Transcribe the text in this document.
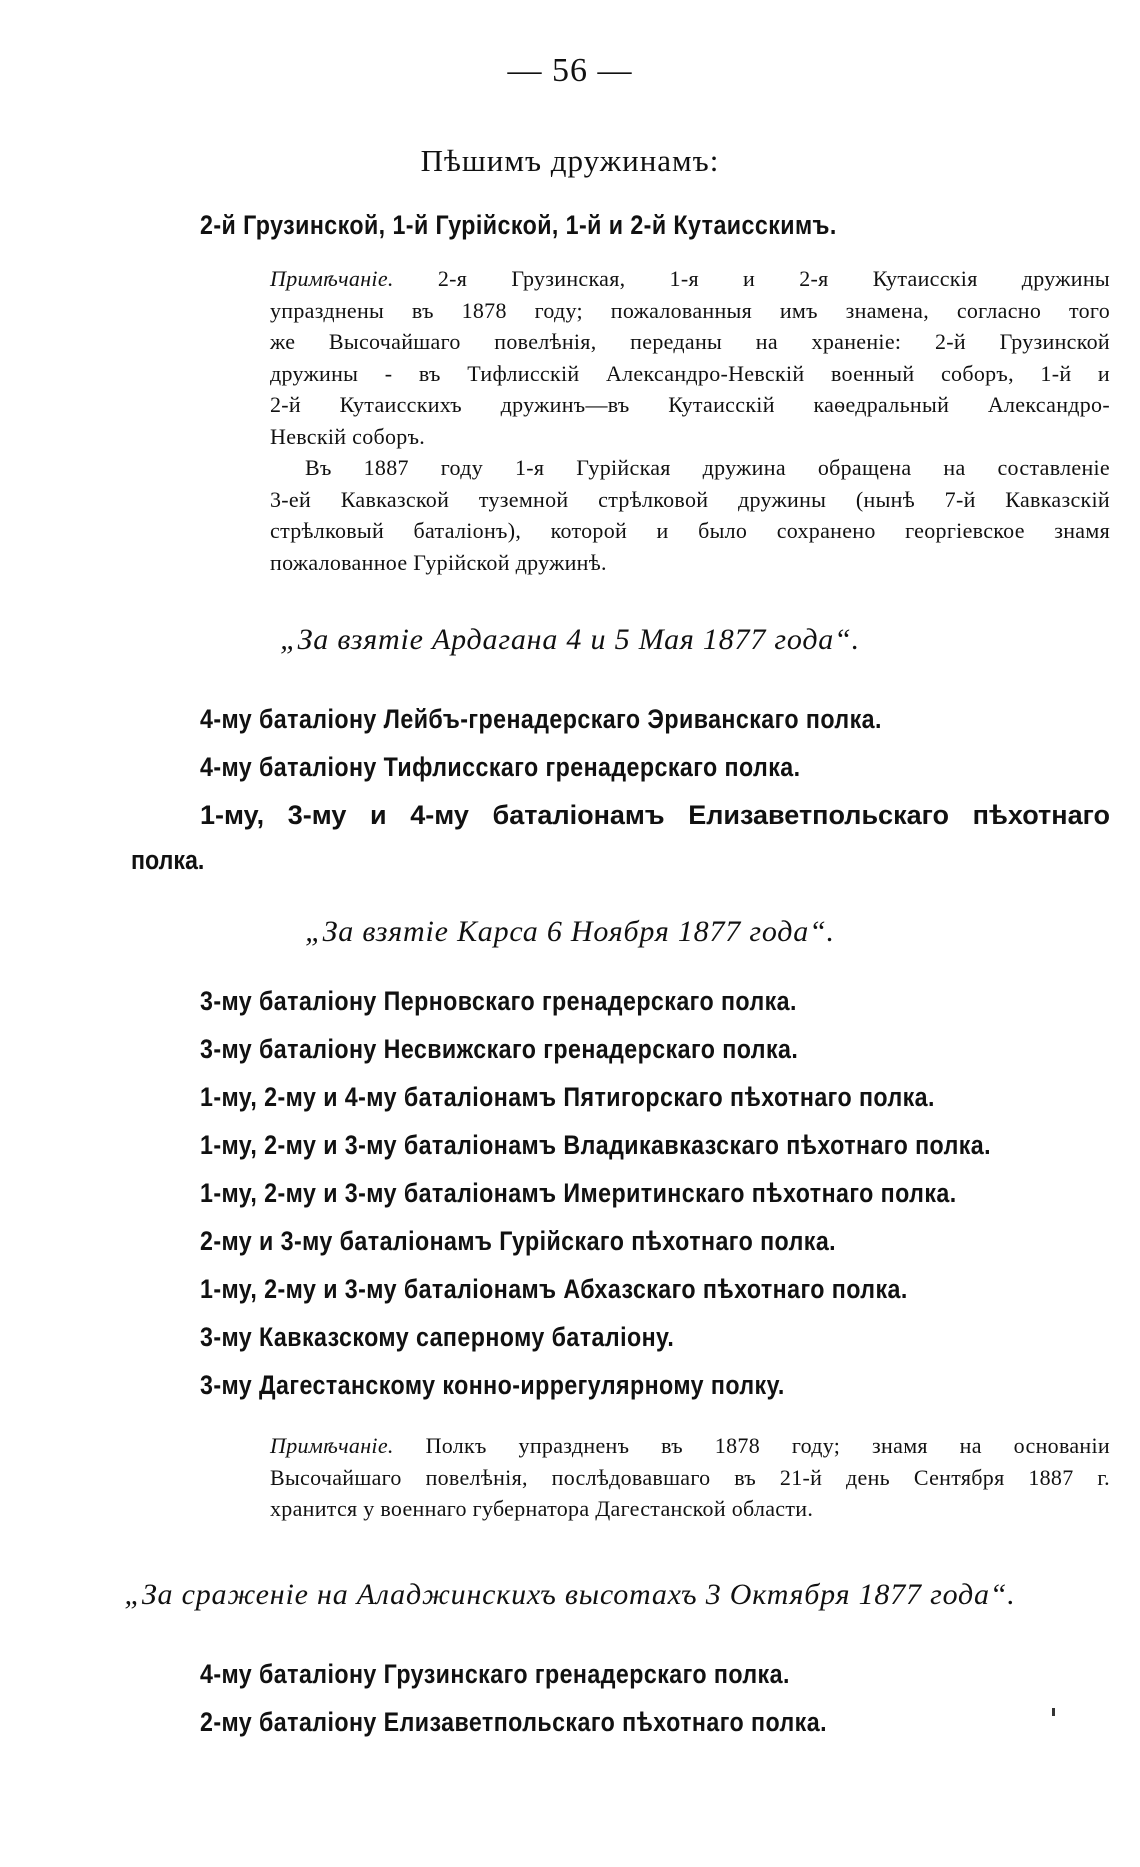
— 56 —
Пѣшимъ дружинамъ:
2-й Грузинской, 1-й Гурійской, 1-й и 2-й Кутаисскимъ.
Примѣчаніе. 2-я Грузинская, 1-я и 2-я Кутаисскія дружины
упразднены въ 1878 году; пожалованныя имъ знамена, согласно того
же Высочайшаго повелѣнія, переданы на храненіе: 2-й Грузинской
дружины - въ Тифлисскій Александро-Невскій военный соборъ, 1-й и
2-й Кутаисскихъ дружинъ—въ Кутаисскій каѳедральный Александро-
Невскій соборъ.
Въ 1887 году 1-я Гурійская дружина обращена на составленіе
3-ей Кавказской туземной стрѣлковой дружины (нынѣ 7-й Кавказскій
стрѣлковый баталіонъ), которой и было сохранено георгіевское знамя
пожалованное Гурійской дружинѣ.
„За взятіе Ардагана 4 и 5 Мая 1877 года“.
4-му баталіону Лейбъ-гренадерскаго Эриванскаго полка.
4-му баталіону Тифлисскаго гренадерскаго полка.
1-му, 3-му и 4-му баталіонамъ Елизаветпольскаго пѣхотнаго
полка.
„За взятіе Карса 6 Ноября 1877 года“.
3-му баталіону Перновскаго гренадерскаго полка.
3-му баталіону Несвижскаго гренадерскаго полка.
1-му, 2-му и 4-му баталіонамъ Пятигорскаго пѣхотнаго полка.
1-му, 2-му и 3-му баталіонамъ Владикавказскаго пѣхотнаго полка.
1-му, 2-му и 3-му баталіонамъ Имеритинскаго пѣхотнаго полка.
2-му и 3-му баталіонамъ Гурійскаго пѣхотнаго полка.
1-му, 2-му и 3-му баталіонамъ Абхазскаго пѣхотнаго полка.
3-му Кавказскому саперному баталіону.
3-му Дагестанскому конно-иррегулярному полку.
Примѣчаніе. Полкъ упраздненъ въ 1878 году; знамя на основаніи
Высочайшаго повелѣнія, послѣдовавшаго въ 21-й день Сентября 1887 г.
хранится у военнаго губернатора Дагестанской области.
„За сраженіе на Аладжинскихъ высотахъ 3 Октября 1877 года“.
4-му баталіону Грузинскаго гренадерскаго полка.
2-му баталіону Елизаветпольскаго пѣхотнаго полка.
